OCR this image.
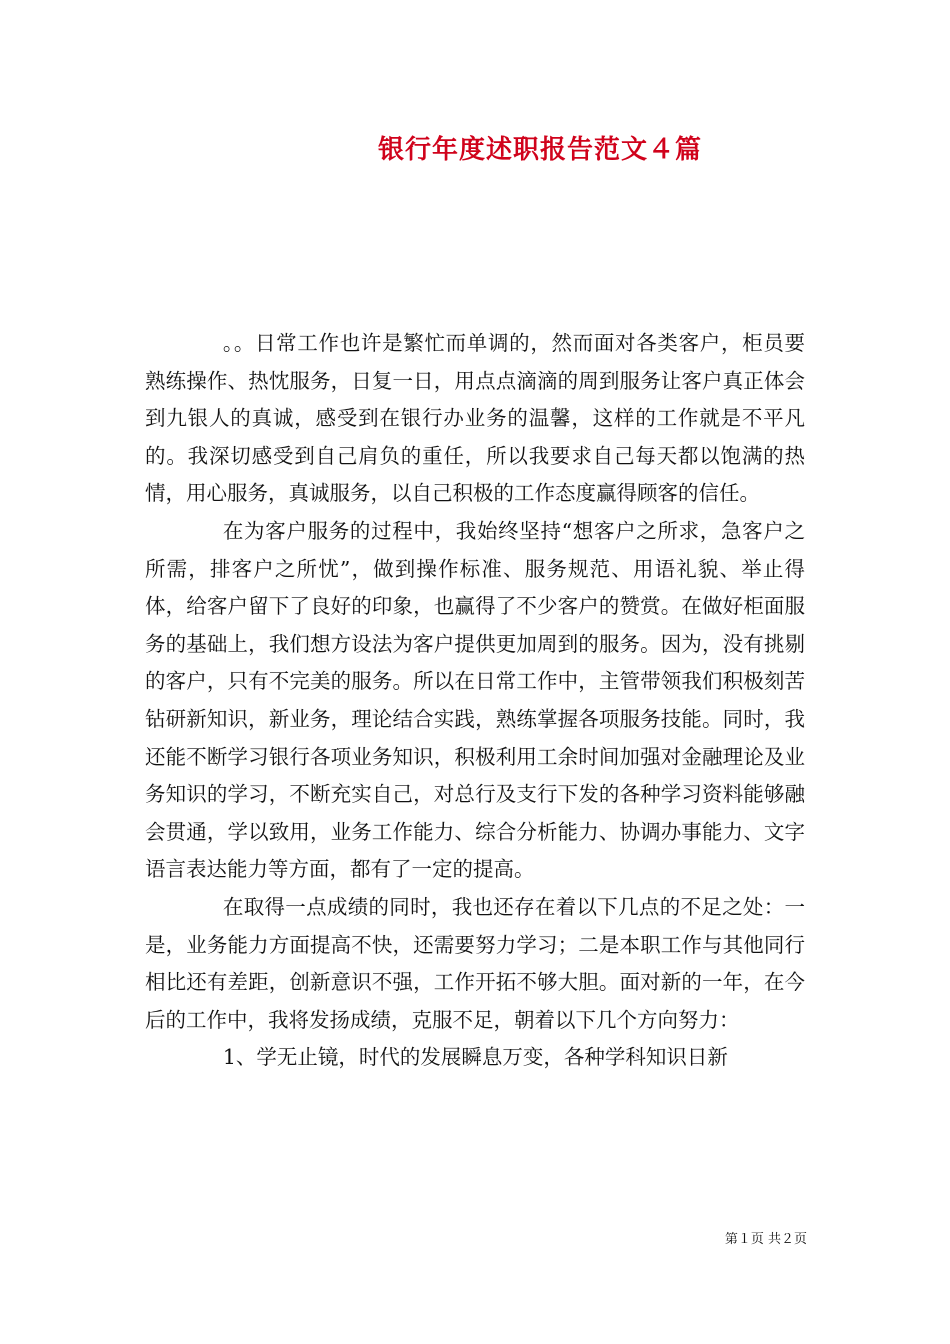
银行年度述职报告范文４篇

。。日常工作也许是繁忙而单调的，然而面对各类客户，柜员要熟练操作、热忱服务，日复一日，用点点滴滴的周到服务让客户真正体会到九银人的真诚，感受到在银行办业务的温馨，这样的工作就是不平凡的。我深切感受到自己肩负的重任，所以我要求自己每天都以饱满的热情，用心服务，真诚服务，以自己积极的工作态度赢得顾客的信任。

在为客户服务的过程中，我始终坚持“想客户之所求，急客户之所需，排客户之所忧”，做到操作标准、服务规范、用语礼貌、举止得体，给客户留下了良好的印象，也赢得了不少客户的赞赏。在做好柜面服务的基础上，我们想方设法为客户提供更加周到的服务。因为，没有挑剔的客户，只有不完美的服务。所以在日常工作中，主管带领我们积极刻苦钻研新知识，新业务，理论结合实践，熟练掌握各项服务技能。同时，我还能不断学习银行各项业务知识，积极利用工余时间加强对金融理论及业务知识的学习，不断充实自己，对总行及支行下发的各种学习资料能够融会贯通，学以致用，业务工作能力、综合分析能力、协调办事能力、文字语言表达能力等方面，都有了一定的提高。

在取得一点成绩的同时，我也还存在着以下几点的不足之处：一是，业务能力方面提高不快，还需要努力学习；二是本职工作与其他同行相比还有差距，创新意识不强，工作开拓不够大胆。面对新的一年，在今后的工作中，我将发扬成绩，克服不足，朝着以下几个方向努力：

1、学无止镜，时代的发展瞬息万变，各种学科知识日新

第１页 共２页
